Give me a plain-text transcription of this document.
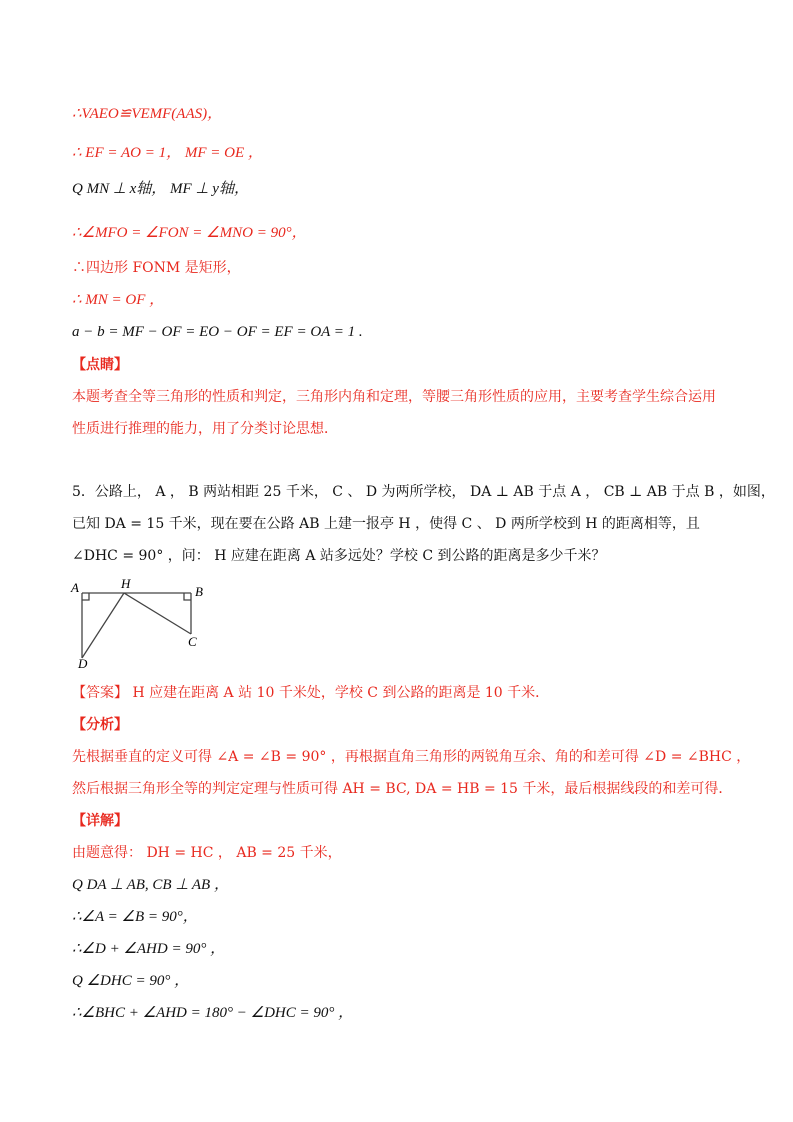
∴VAEO≌VEMF(AAS)，
∴ EF = AO = 1， MF = OE ，
Q MN ⊥ x轴， MF ⊥ y轴，
∴∠MFO = ∠FON = ∠MNO = 90°，
∴四边形 FONM 是矩形，
∴ MN = OF ，
a − b = MF − OF = EO − OF = EF = OA = 1 .
【点睛】
本题考查全等三角形的性质和判定，三角形内角和定理，等腰三角形性质的应用，主要考查学生综合运用
性质进行推理的能力，用了分类讨论思想．
5．公路上， A ， B 两站相距 25 千米， C 、 D 为两所学校， DA ⊥ AB 于点 A ， CB ⊥ AB 于点 B ，如图，
已知 DA = 15 千米，现在要在公路 AB 上建一报亭 H ，使得 C 、 D 两所学校到 H 的距离相等，且
∠DHC = 90° ，问： H 应建在距离 A 站多远处？学校 C 到公路的距离是多少千米？
A	H
B
C
D
【答案】 H 应建在距离 A 站 10 千米处，学校 C 到公路的距离是 10 千米．
【分析】
先根据垂直的定义可得 ∠A = ∠B = 90° ，再根据直角三角形的两锐角互余、角的和差可得 ∠D = ∠BHC ，
然后根据三角形全等的判定定理与性质可得 AH = BC, DA = HB = 15 千米，最后根据线段的和差可得．
【详解】
由题意得： DH = HC ， AB = 25 千米，
Q DA ⊥ AB, CB ⊥ AB ，
∴∠A = ∠B = 90°，
∴∠D + ∠AHD = 90° ，
Q ∠DHC = 90° ，
∴∠BHC + ∠AHD = 180° − ∠DHC = 90° ，
